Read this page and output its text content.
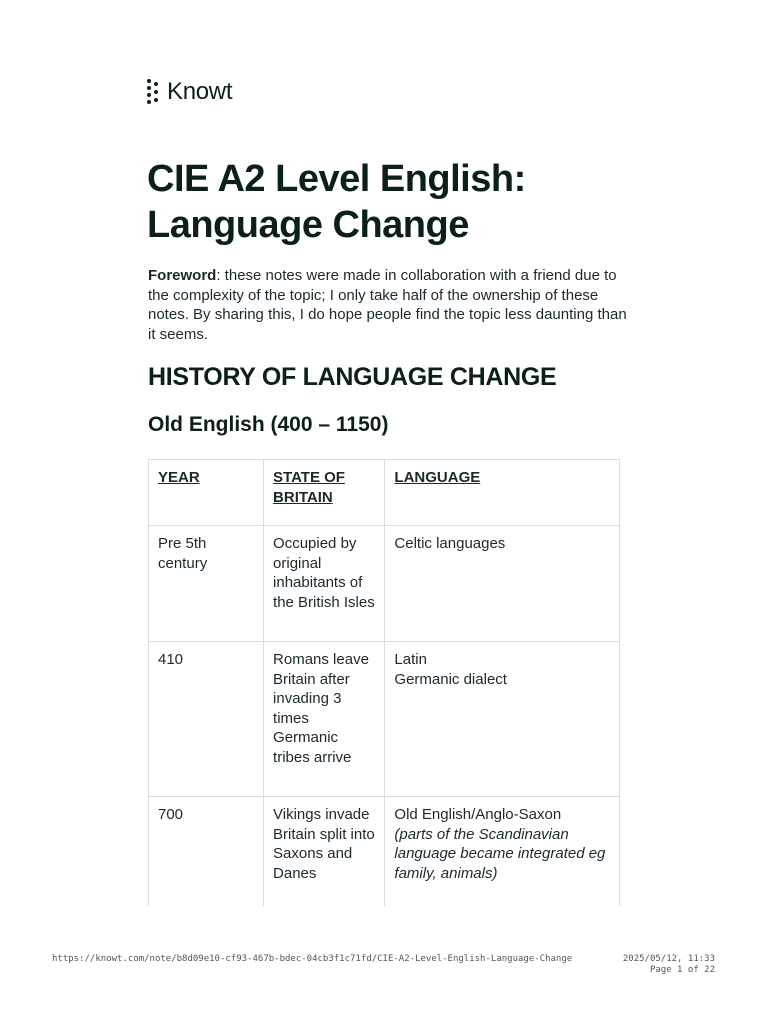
Knowt
CIE A2 Level English:
Language Change

Foreword: these notes were made in collaboration with a friend due to the complexity of the topic; I only take half of the ownership of these notes. By sharing this, I do hope people find the topic less daunting than it seems.

HISTORY OF LANGUAGE CHANGE
Old English (400 – 1150)
YEAR	STATE OF BRITAIN	LANGUAGE
Pre 5th century	Occupied by original inhabitants of the British Isles	Celtic languages

410	Romans leave Britain after invading 3 times Germanic tribes arrive	Latin
Germanic dialect

700	Vikings invade Britain split into Saxons and Danes	Old English/Anglo-Saxon
(parts of the Scandinavian language became integrated eg family, animals)

https://knowt.com/note/b8d09e10-cf93-467b-bdec-04cb3f1c71fd/CIE-A2-Level-English-Language-Change	2025/05/12, 11:33
Page 1 of 22
